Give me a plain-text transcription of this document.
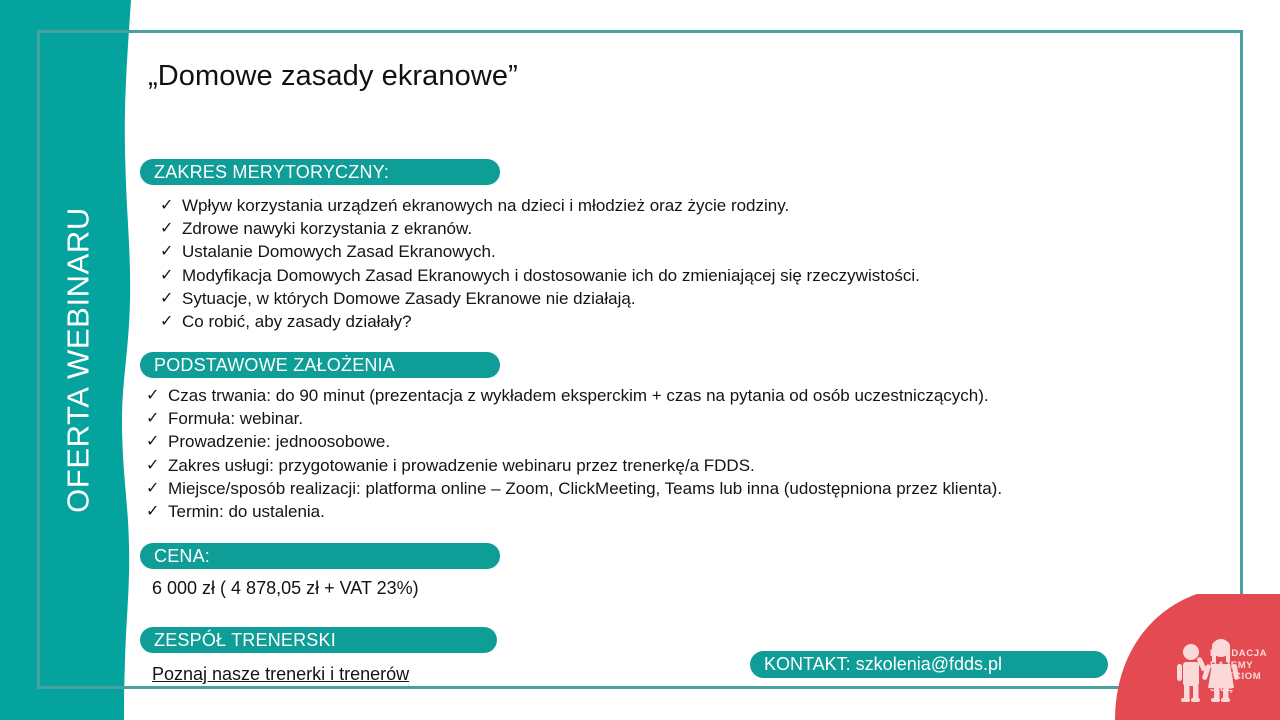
OFERTA WEBINARU
„Domowe zasady ekranowe”
ZAKRES MERYTORYCZNY:
✓ Wpływ korzystania urządzeń ekranowych na dzieci i młodzież oraz życie rodziny.
✓ Zdrowe nawyki korzystania z ekranów.
✓ Ustalanie Domowych Zasad Ekranowych.
✓ Modyfikacja Domowych Zasad Ekranowych i dostosowanie ich do zmieniającej się rzeczywistości.
✓ Sytuacje, w których Domowe Zasady Ekranowe nie działają.
✓ Co robić, aby zasady działały?
PODSTAWOWE ZAŁOŻENIA
✓ Czas trwania: do 90 minut (prezentacja z wykładem eksperckim + czas na pytania od osób uczestniczących).
✓ Formuła: webinar.
✓ Prowadzenie: jednoosobowe.
✓ Zakres usługi: przygotowanie i prowadzenie webinaru przez trenerkę/a FDDS.
✓ Miejsce/sposób realizacji: platforma online – Zoom, ClickMeeting, Teams lub inna (udostępniona przez klienta).
✓ Termin: do ustalenia.
CENA:
6 000 zł ( 4 878,05 zł + VAT 23%)
ZESPÓŁ TRENERSKI
Poznaj nasze trenerki i trenerów	KONTAKT: szkolenia@fdds.pl
FUNDACJA
DAJEMY
DZIECIOM
SIŁĘ
